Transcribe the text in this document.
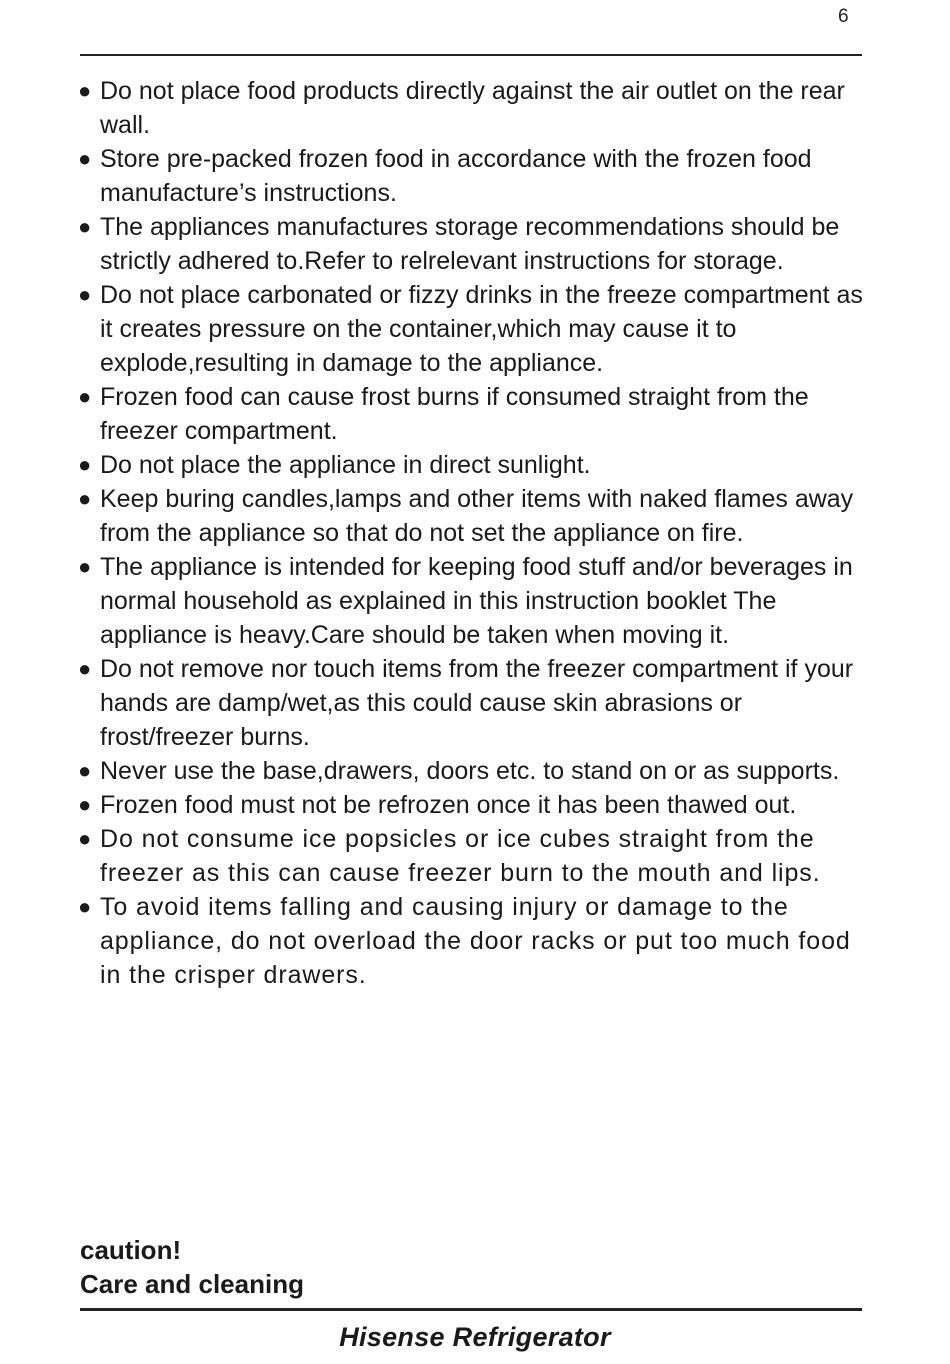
6
● Do not place food products directly against the air outlet on the rear wall.
● Store pre-packed frozen food in accordance with the frozen food manufacture’s instructions.
● The appliances manufactures storage recommendations should be strictly adhered to.Refer to relrelevant instructions for storage.
● Do not place carbonated or fizzy drinks in the freeze compartment as it creates pressure on the container,which may cause it to explode,resulting in damage to the appliance.
● Frozen food can cause frost burns if consumed straight from the freezer compartment.
● Do not place the appliance in direct sunlight.
● Keep buring candles,lamps and other items with naked flames away from the appliance so that do not set the appliance on fire.
● The appliance is intended for keeping food stuff and/or beverages in normal household as explained in this instruction booklet The appliance is heavy.Care should be taken when moving it.
● Do not remove nor touch items from the freezer compartment if your hands are damp/wet,as this could cause skin abrasions or frost/freezer burns.
● Never use the base,drawers, doors etc. to stand on or as supports.
● Frozen food must not be refrozen once it has been thawed out.
● Do not consume ice popsicles or ice cubes straight from the freezer as this can cause freezer burn to the mouth and lips.
● To avoid items falling and causing injury or damage to the appliance, do not overload the door racks or put too much food in the crisper drawers.
caution!
Care and cleaning
Hisense Refrigerator
